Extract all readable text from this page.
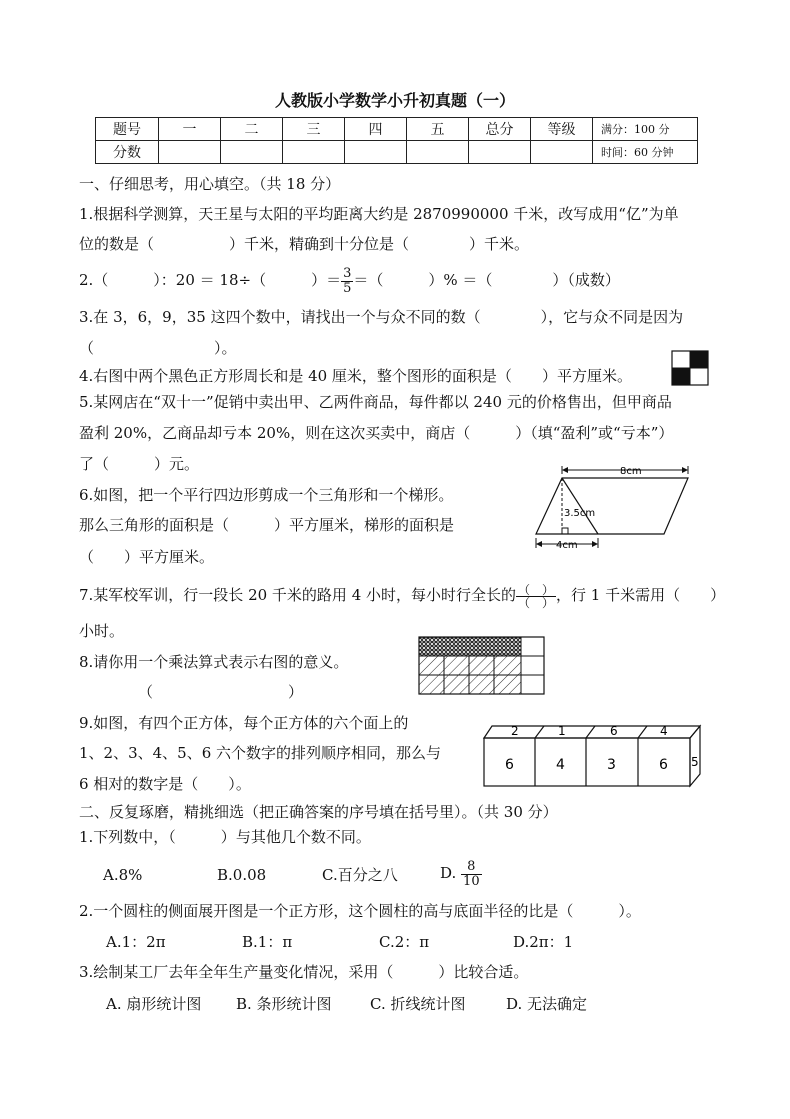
人教版小学数学小升初真题（一）
题号	一	二	三	四	五	总分	等级	满分：100 分
分数								时间：60 分钟
一、仔细思考，用心填空。（共 18 分）
1.根据科学测算，天王星与太阳的平均距离大约是 2870990000 千米，改写成用“亿”为单
位的数是（　　　　　）千米，精确到十分位是（　　　　）千米。
2.（　　　）：20 ＝ 18÷（　　　）＝ $\frac{3}{5}$ ＝（　　　）% ＝（　　　　）（成数）
3.在 3，6，9，35 这四个数中，请找出一个与众不同的数（　　　　），它与众不同是因为
（　　　　　　　　）。
4.右图中两个黑色正方形周长和是 40 厘米，整个图形的面积是（　　）平方厘米。
5.某网店在“双十一”促销中卖出甲、乙两件商品，每件都以 240 元的价格售出，但甲商品
盈利 20%，乙商品却亏本 20%，则在这次买卖中，商店（　　　）（填“盈利”或“亏本”）
了（　　　）元。
6.如图，把一个平行四边形剪成一个三角形和一个梯形。
那么三角形的面积是（　　　）平方厘米，梯形的面积是
（　　）平方厘米。
8cm
3.5cm
4cm
7.某军校军训，行一段长 20 千米的路用 4 小时，每小时行全长的 $\frac{( )}{( )}$ ，行 1 千米需用（　　）
小时。
8.请你用一个乘法算式表示右图的意义。
（　　　　　　　　　）
9.如图，有四个正方体，每个正方体的六个面上的
1、2、3、4、5、6 六个数字的排列顺序相同，那么与
6 相对的数字是（　　）。
2	1	6	4
6	4	3	6 5
二、反复琢磨，精挑细选（把正确答案的序号填在括号里）。（共 30 分）
1.下列数中，（　　　）与其他几个数不同。
A.8%	B.0.08	C.百分之八	D. $\frac{8}{10}$
2.一个圆柱的侧面展开图是一个正方形，这个圆柱的高与底面半径的比是（　　　）。
A.1：2π	B.1：π	C.2：π	D.2π：1
3.绘制某工厂去年全年生产量变化情况，采用（　　　）比较合适。
A. 扇形统计图 B. 条形统计图	C. 折线统计图	D. 无法确定
